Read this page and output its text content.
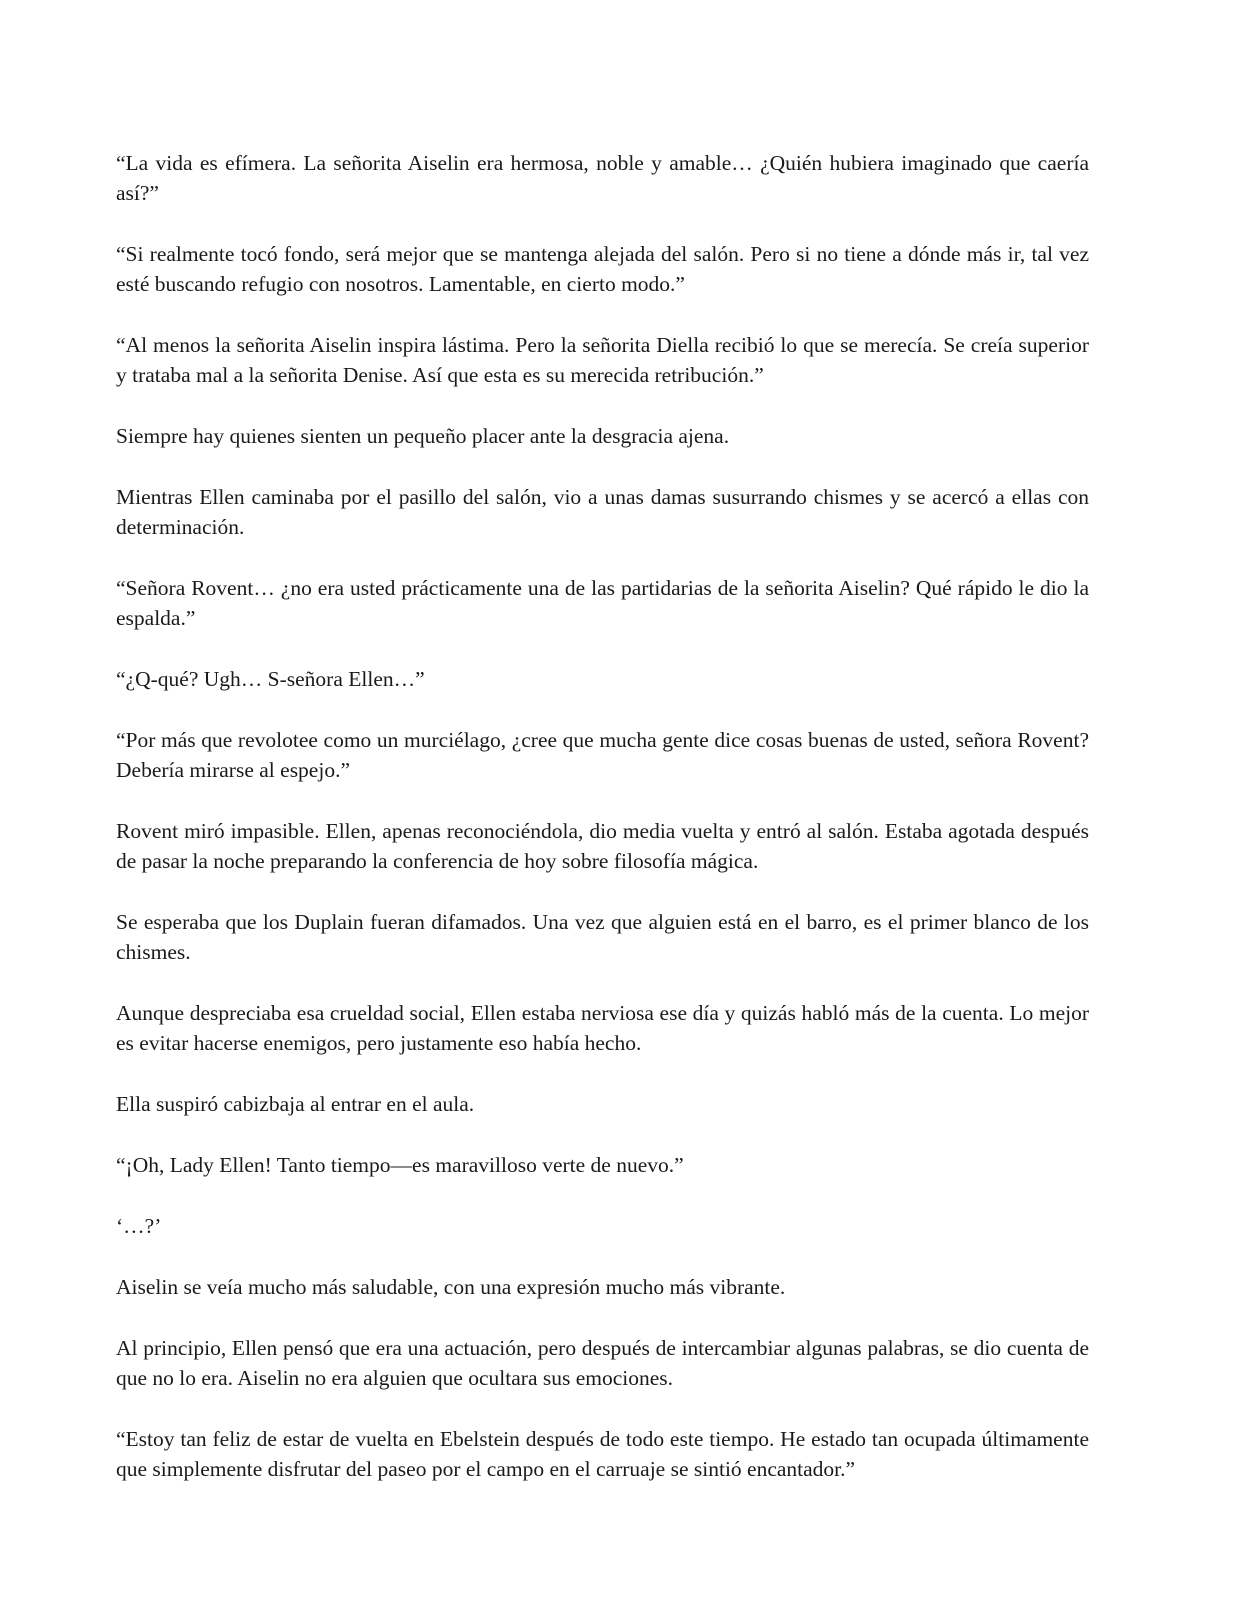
“La vida es efímera. La señorita Aiselin era hermosa, noble y amable… ¿Quién hubiera imaginado que caería así?”

“Si realmente tocó fondo, será mejor que se mantenga alejada del salón. Pero si no tiene a dónde más ir, tal vez esté buscando refugio con nosotros. Lamentable, en cierto modo.”

“Al menos la señorita Aiselin inspira lástima. Pero la señorita Diella recibió lo que se merecía. Se creía superior y trataba mal a la señorita Denise. Así que esta es su merecida retribución.”

Siempre hay quienes sienten un pequeño placer ante la desgracia ajena.

Mientras Ellen caminaba por el pasillo del salón, vio a unas damas susurrando chismes y se acercó a ellas con determinación.

“Señora Rovent… ¿no era usted prácticamente una de las partidarias de la señorita Aiselin? Qué rápido le dio la espalda.”

“¿Q-qué? Ugh… S-señora Ellen…”

“Por más que revolotee como un murciélago, ¿cree que mucha gente dice cosas buenas de usted, señora Rovent? Debería mirarse al espejo.”

Rovent miró impasible. Ellen, apenas reconociéndola, dio media vuelta y entró al salón. Estaba agotada después de pasar la noche preparando la conferencia de hoy sobre filosofía mágica.

Se esperaba que los Duplain fueran difamados. Una vez que alguien está en el barro, es el primer blanco de los chismes.

Aunque despreciaba esa crueldad social, Ellen estaba nerviosa ese día y quizás habló más de la cuenta. Lo mejor es evitar hacerse enemigos, pero justamente eso había hecho.

Ella suspiró cabizbaja al entrar en el aula.

“¡Oh, Lady Ellen! Tanto tiempo—es maravilloso verte de nuevo.”

‘…?’

Aiselin se veía mucho más saludable, con una expresión mucho más vibrante.

Al principio, Ellen pensó que era una actuación, pero después de intercambiar algunas palabras, se dio cuenta de que no lo era. Aiselin no era alguien que ocultara sus emociones.

“Estoy tan feliz de estar de vuelta en Ebelstein después de todo este tiempo. He estado tan ocupada últimamente que simplemente disfrutar del paseo por el campo en el carruaje se sintió encantador.”
